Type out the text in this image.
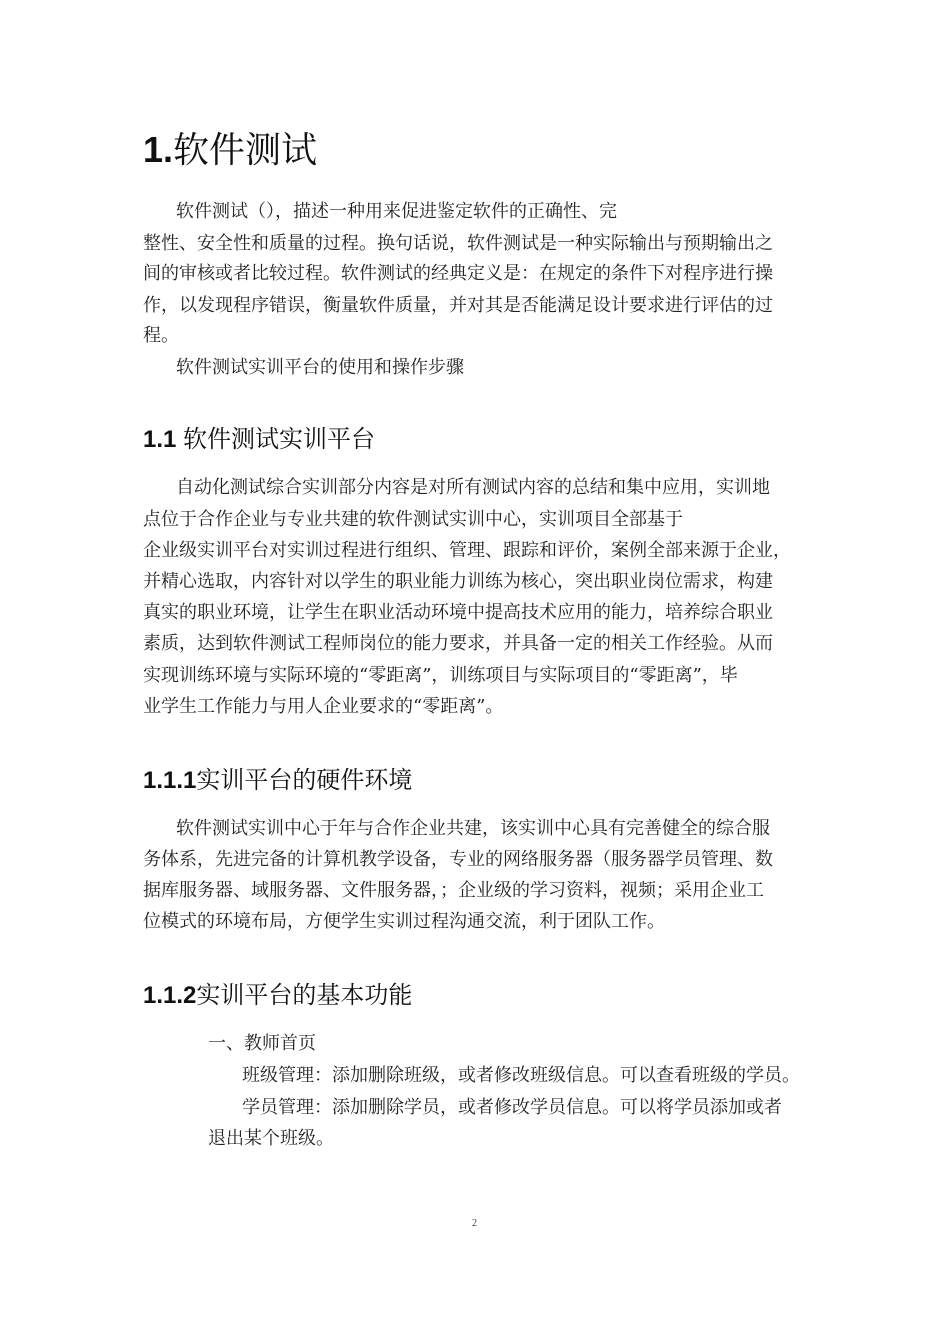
1.软件测试
软件测试（），描述一种用来促进鉴定软件的正确性、完
整性、安全性和质量的过程。换句话说，软件测试是一种实际输出与预期输出之
间的审核或者比较过程。软件测试的经典定义是：在规定的条件下对程序进行操
作，以发现程序错误，衡量软件质量，并对其是否能满足设计要求进行评估的过
程。
软件测试实训平台的使用和操作步骤
1.1 软件测试实训平台
自动化测试综合实训部分内容是对所有测试内容的总结和集中应用，实训地
点位于合作企业与专业共建的软件测试实训中心，实训项目全部基于
企业级实训平台对实训过程进行组织、管理、跟踪和评价，案例全部来源于企业，
并精心选取，内容针对以学生的职业能力训练为核心，突出职业岗位需求，构建
真实的职业环境，让学生在职业活动环境中提高技术应用的能力，培养综合职业
素质，达到软件测试工程师岗位的能力要求，并具备一定的相关工作经验。从而
实现训练环境与实际环境的“零距离”，训练项目与实际项目的“零距离”，毕
业学生工作能力与用人企业要求的“零距离”。
1.1.1实训平台的硬件环境
软件测试实训中心于年与合作企业共建，该实训中心具有完善健全的综合服
务体系，先进完备的计算机教学设备，专业的网络服务器（服务器学员管理、数
据库服务器、域服务器、文件服务器，；企业级的学习资料，视频；采用企业工
位模式的环境布局，方便学生实训过程沟通交流，利于团队工作。
1.1.2实训平台的基本功能
一、教师首页
班级管理：添加删除班级，或者修改班级信息。可以查看班级的学员。
学员管理：添加删除学员，或者修改学员信息。可以将学员添加或者
退出某个班级。
2
